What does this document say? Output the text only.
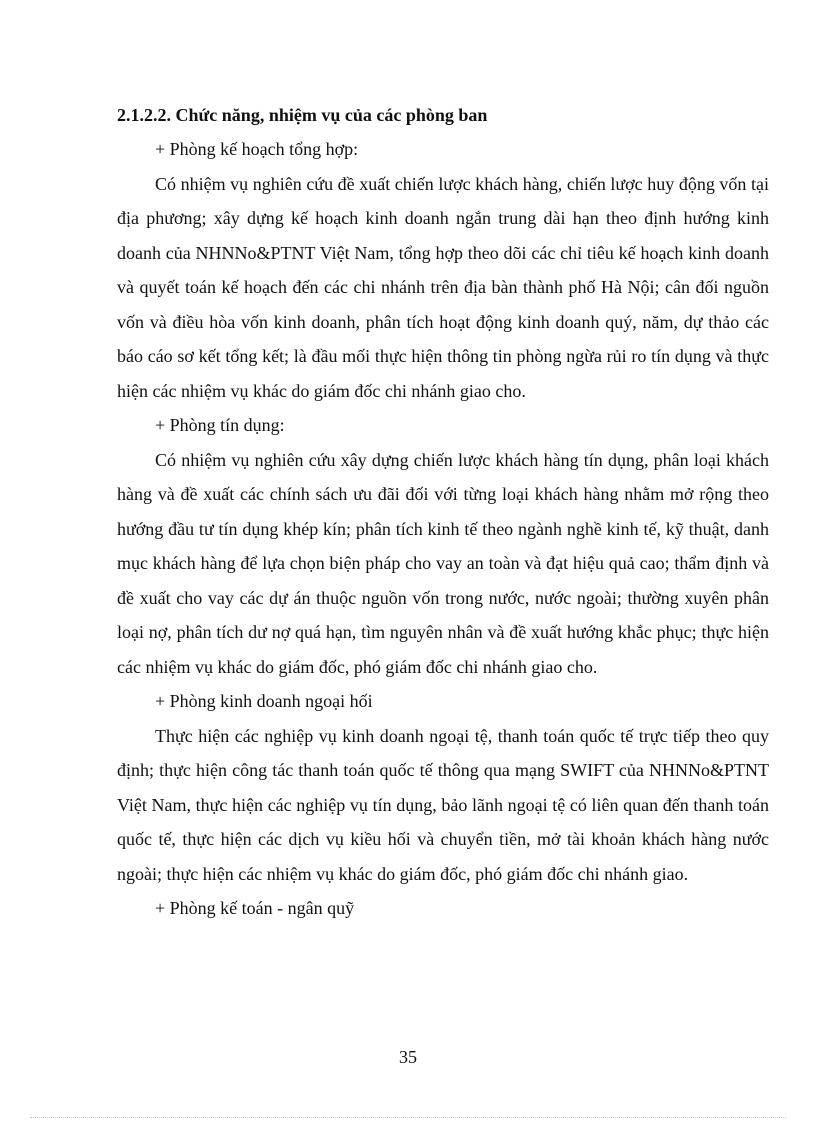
2.1.2.2. Chức năng, nhiệm vụ của các phòng ban

+ Phòng kế hoạch tổng hợp:

Có nhiệm vụ nghiên cứu đề xuất chiến lược khách hàng, chiến lược huy động vốn tại địa phương; xây dựng kế hoạch kinh doanh ngắn trung dài hạn theo định hướng kinh doanh của NHNNo&PTNT Việt Nam, tổng hợp theo dõi các chỉ tiêu kế hoạch kinh doanh và quyết toán kế hoạch đến các chi nhánh trên địa bàn thành phố Hà Nội; cân đối nguồn vốn và điều hòa vốn kinh doanh, phân tích hoạt động kinh doanh quý, năm, dự thảo các báo cáo sơ kết tổng kết; là đầu mối thực hiện thông tin phòng ngừa rủi ro tín dụng và thực hiện các nhiệm vụ khác do giám đốc chi nhánh giao cho.

+ Phòng tín dụng:

Có nhiệm vụ nghiên cứu xây dựng chiến lược khách hàng tín dụng, phân loại khách hàng và đề xuất các chính sách ưu đãi đối với từng loại khách hàng nhằm mở rộng theo hướng đầu tư tín dụng khép kín; phân tích kinh tế theo ngành nghề kinh tế, kỹ thuật, danh mục khách hàng để lựa chọn biện pháp cho vay an toàn và đạt hiệu quả cao; thẩm định và đề xuất cho vay các dự án thuộc nguồn vốn trong nước, nước ngoài; thường xuyên phân loại nợ, phân tích dư nợ quá hạn, tìm nguyên nhân và đề xuất hướng khắc phục; thực hiện các nhiệm vụ khác do giám đốc, phó giám đốc chi nhánh giao cho.

+ Phòng kinh doanh ngoại hối

Thực hiện các nghiệp vụ kinh doanh ngoại tệ, thanh toán quốc tế trực tiếp theo quy định; thực hiện công tác thanh toán quốc tế thông qua mạng SWIFT của NHNNo&PTNT Việt Nam, thực hiện các nghiệp vụ tín dụng, bảo lãnh ngoại tệ có liên quan đến thanh toán quốc tế, thực hiện các dịch vụ kiều hối và chuyển tiền, mở tài khoản khách hàng nước ngoài; thực hiện các nhiệm vụ khác do giám đốc, phó giám đốc chi nhánh giao.

+ Phòng kế toán - ngân quỹ

35
